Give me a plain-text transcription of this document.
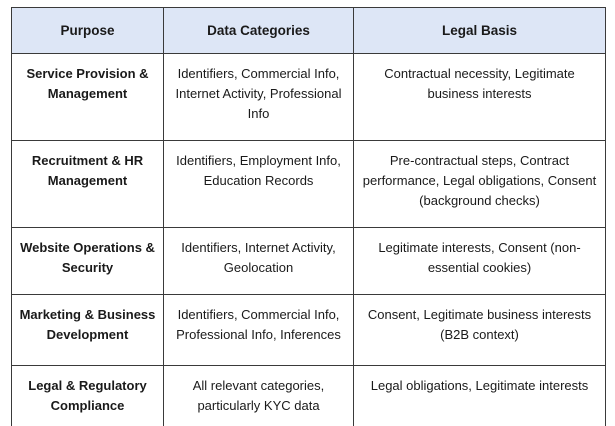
Purpose	Data Categories	Legal Basis
Service Provision & Management	Identifiers, Commercial Info, Internet Activity, Professional Info	Contractual necessity, Legitimate business interests
Recruitment & HR Management	Identifiers, Employment Info, Education Records	Pre-contractual steps, Contract performance, Legal obligations, Consent (background checks)
Website Operations & Security	Identifiers, Internet Activity, Geolocation	Legitimate interests, Consent (non-essential cookies)
Marketing & Business Development	Identifiers, Commercial Info, Professional Info, Inferences	Consent, Legitimate business interests (B2B context)
Legal & Regulatory Compliance	All relevant categories, particularly KYC data	Legal obligations, Legitimate interests
